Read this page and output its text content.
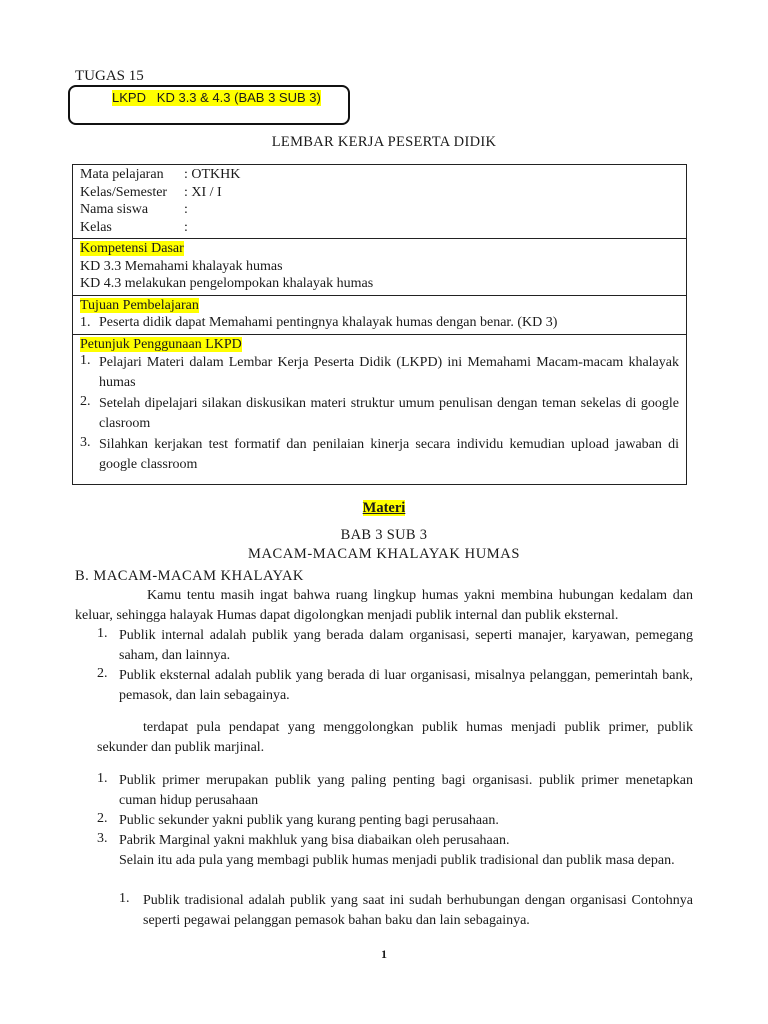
TUGAS 15
LKPD   KD 3.3 & 4.3 (BAB 3 SUB 3)
LEMBAR KERJA PESERTA DIDIK
Mata pelajaran : OTKHK
Kelas/Semester : XI / I
Nama siswa	:
Kelas	:
Kompetensi Dasar
KD 3.3 Memahami khalayak humas
KD 4.3 melakukan pengelompokan khalayak humas
Tujuan Pembelajaran
1. Peserta didik dapat Memahami pentingnya khalayak humas dengan benar. (KD 3)
Petunjuk Penggunaan LKPD
1. Pelajari Materi dalam Lembar Kerja Peserta Didik (LKPD) ini Memahami Macam-macam khalayak humas
2. Setelah dipelajari silakan diskusikan materi struktur umum penulisan dengan teman sekelas di google clasroom
3. Silahkan kerjakan test formatif dan penilaian kinerja secara individu kemudian upload jawaban di google classroom
Materi
BAB 3 SUB 3
MACAM-MACAM KHALAYAK HUMAS
B. MACAM-MACAM KHALAYAK
Kamu tentu masih ingat bahwa ruang lingkup humas yakni membina hubungan kedalam dan keluar, sehingga halayak Humas dapat digolongkan menjadi publik internal dan publik eksternal.
1. Publik internal adalah publik yang berada dalam organisasi, seperti manajer, karyawan, pemegang saham, dan lainnya.
2. Publik eksternal adalah publik yang berada di luar organisasi, misalnya pelanggan, pemerintah bank, pemasok, dan lain sebagainya.
terdapat pula pendapat yang menggolongkan publik humas menjadi publik primer, publik sekunder dan publik marjinal.
1. Publik primer merupakan publik yang paling penting bagi organisasi. publik primer menetapkan cuman hidup perusahaan
2. Public sekunder yakni publik yang kurang penting bagi perusahaan.
3. Pabrik Marginal yakni makhluk yang bisa diabaikan oleh perusahaan.
Selain itu ada pula yang membagi publik humas menjadi publik tradisional dan publik masa depan.
1. Publik tradisional adalah publik yang saat ini sudah berhubungan dengan organisasi Contohnya seperti pegawai pelanggan pemasok bahan baku dan lain sebagainya.
1
